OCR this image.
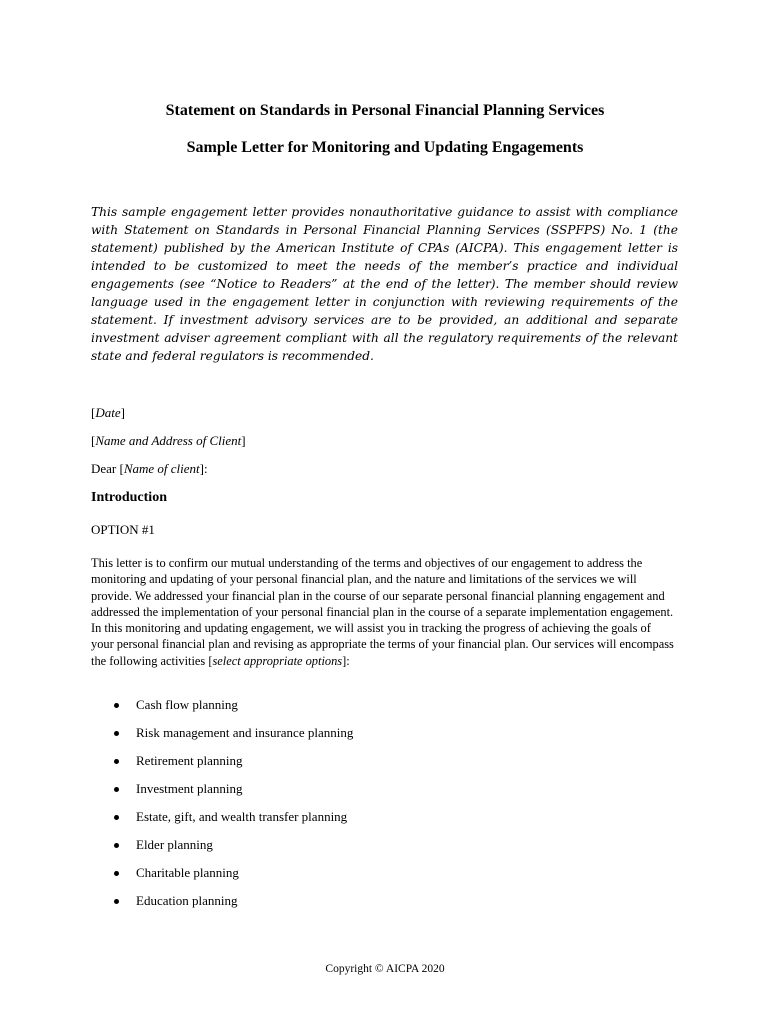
Statement on Standards in Personal Financial Planning Services

Sample Letter for Monitoring and Updating Engagements

This sample engagement letter provides nonauthoritative guidance to assist with compliance with Statement on Standards in Personal Financial Planning Services (SSPFPS) No. 1 (the statement) published by the American Institute of CPAs (AICPA). This engagement letter is intended to be customized to meet the needs of the member’s practice and individual engagements (see “Notice to Readers” at the end of the letter). The member should review language used in the engagement letter in conjunction with reviewing requirements of the statement. If investment advisory services are to be provided, an additional and separate investment adviser agreement compliant with all the regulatory requirements of the relevant state and federal regulators is recommended.

[Date]

[Name and Address of Client]

Dear [Name of client]:

Introduction

OPTION #1

This letter is to confirm our mutual understanding of the terms and objectives of our engagement to address the monitoring and updating of your personal financial plan, and the nature and limitations of the services we will provide. We addressed your financial plan in the course of our separate personal financial planning engagement and addressed the implementation of your personal financial plan in the course of a separate implementation engagement. In this monitoring and updating engagement, we will assist you in tracking the progress of achieving the goals of your personal financial plan and revising as appropriate the terms of your financial plan. Our services will encompass the following activities [select appropriate options]:

Cash flow planning
Risk management and insurance planning
Retirement planning
Investment planning
Estate, gift, and wealth transfer planning
Elder planning
Charitable planning
Education planning

Copyright © AICPA 2020
